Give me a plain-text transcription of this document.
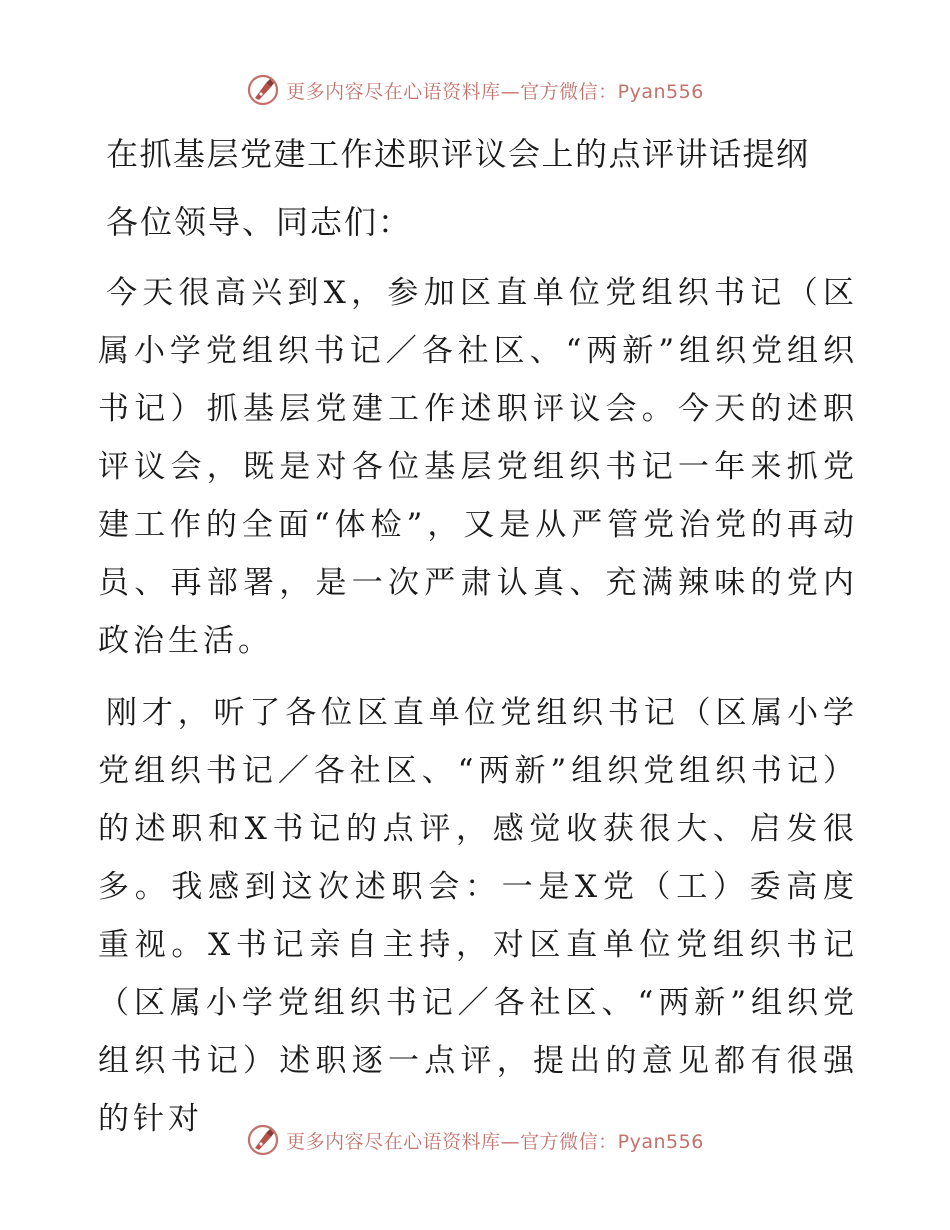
更多内容尽在心语资料库—官方微信：Pyan556
在抓基层党建工作述职评议会上的点评讲话提纲
各位领导、同志们：

今天很高兴到X，参加区直单位党组织书记（区属小学党组织书记／各社区、“两新”组织党组织书记）抓基层党建工作述职评议会。今天的述职评议会，既是对各位基层党组织书记一年来抓党建工作的全面“体检”，又是从严管党治党的再动员、再部署，是一次严肃认真、充满辣味的党内政治生活。

刚才，听了各位区直单位党组织书记（区属小学党组织书记／各社区、“两新”组织党组织书记）的述职和X书记的点评，感觉收获很大、启发很多。我感到这次述职会：一是X党（工）委高度重视。X书记亲自主持，对区直单位党组织书记（区属小学党组织书记／各社区、“两新”组织党组织书记）述职逐一点评，提出的意见都有很强的针对

更多内容尽在心语资料库—官方微信：Pyan556
